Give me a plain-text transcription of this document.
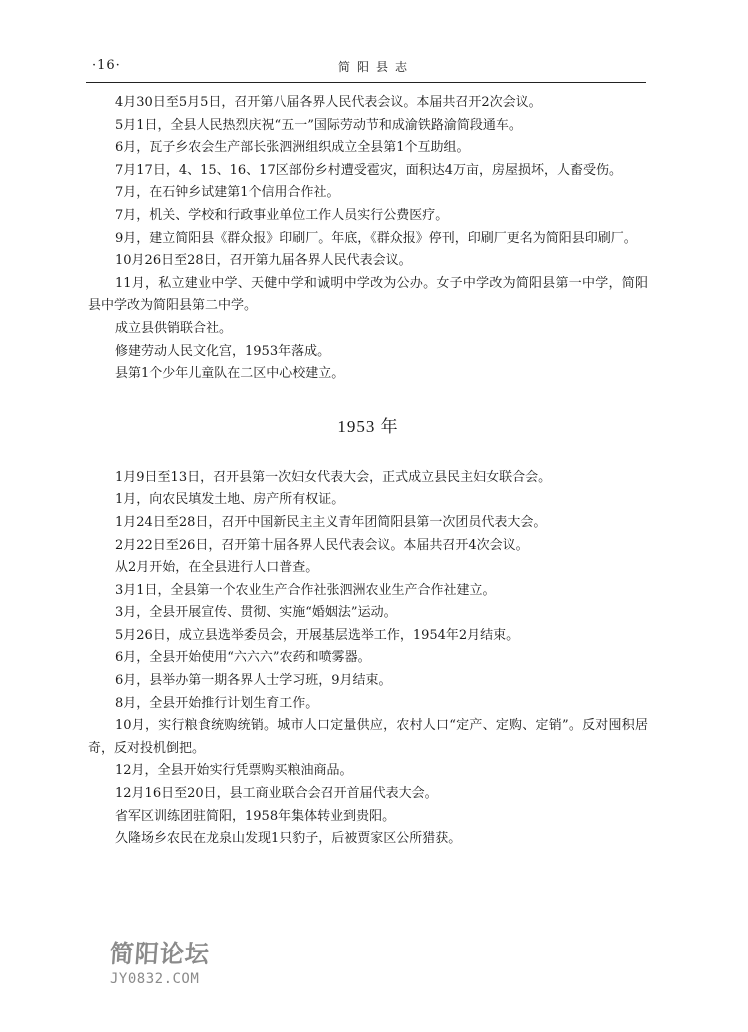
·16·	简阳县志

4月30日至5月5日，召开第八届各界人民代表会议。本届共召开2次会议。

5月1日，全县人民热烈庆祝“五一”国际劳动节和成渝铁路渝简段通车。

6月，瓦子乡农会生产部长张泗洲组织成立全县第1个互助组。

7月17日，4、15、16、17区部份乡村遭受雹灾，面积达4万亩，房屋损坏，人畜受伤。

7月，在石钟乡试建第1个信用合作社。

7月，机关、学校和行政事业单位工作人员实行公费医疗。

9月，建立简阳县《群众报》印刷厂。年底，《群众报》停刊，印刷厂更名为简阳县印刷厂。

10月26日至28日，召开第九届各界人民代表会议。

11月，私立建业中学、天健中学和诚明中学改为公办。女子中学改为简阳县第一中学，简阳县中学改为简阳县第二中学。

成立县供销联合社。

修建劳动人民文化宫，1953年落成。

县第1个少年儿童队在二区中心校建立。

1953 年

1月9日至13日，召开县第一次妇女代表大会，正式成立县民主妇女联合会。

1月，向农民填发土地、房产所有权证。

1月24日至28日，召开中国新民主主义青年团简阳县第一次团员代表大会。

2月22日至26日，召开第十届各界人民代表会议。本届共召开4次会议。

从2月开始，在全县进行人口普查。

3月1日，全县第一个农业生产合作社张泗洲农业生产合作社建立。

3月，全县开展宣传、贯彻、实施“婚姻法”运动。

5月26日，成立县选举委员会，开展基层选举工作，1954年2月结束。

6月，全县开始使用“六六六”农药和喷雾器。

6月，县举办第一期各界人士学习班，9月结束。

8月，全县开始推行计划生育工作。

10月，实行粮食统购统销。城市人口定量供应，农村人口“定产、定购、定销”。反对囤积居奇，反对投机倒把。

12月，全县开始实行凭票购买粮油商品。

12月16日至20日，县工商业联合会召开首届代表大会。

省军区训练团驻简阳，1958年集体转业到贵阳。

久隆场乡农民在龙泉山发现1只豹子，后被贾家区公所猎获。

简阳论坛
JY0832.COM
